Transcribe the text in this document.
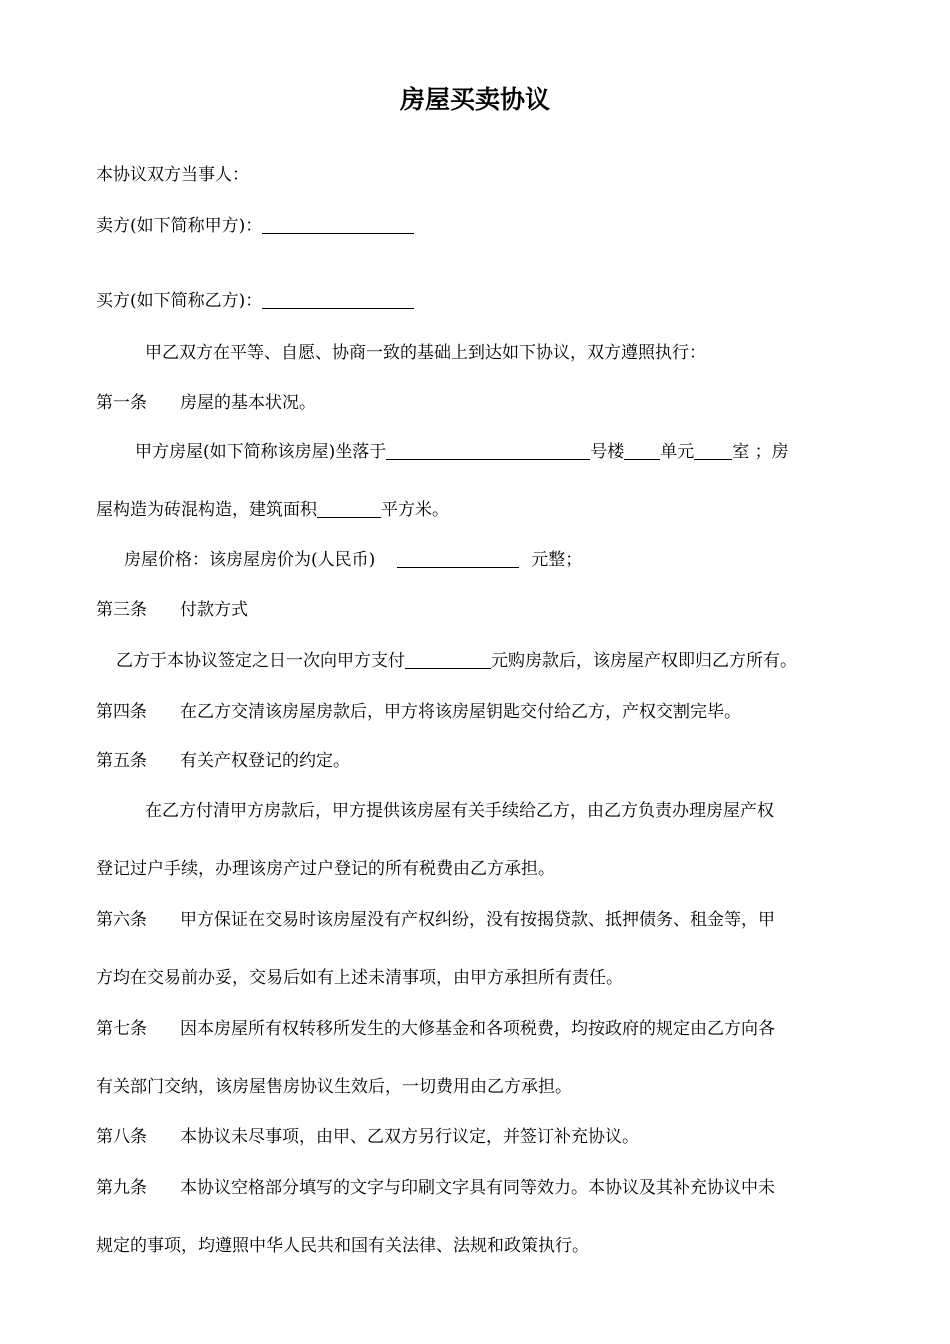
房屋买卖协议
本协议双方当事人：
卖方(如下简称甲方)：
买方(如下简称乙方)：
甲乙双方在平等、自愿、协商一致的基础上到达如下协议，双方遵照执行：
第一条 房屋的基本状况。
甲方房屋(如下简称该房屋)坐落于	号楼 单元 室 ；房
屋构造为砖混构造，建筑面积	平方米。
房屋价格：该房屋房价为(人民币)	元整；
第三条 付款方式
乙方于本协议签定之日一次向甲方支付	元购房款后，该房屋产权即归乙方所有。
第四条 在乙方交清该房屋房款后，甲方将该房屋钥匙交付给乙方，产权交割完毕。
第五条 有关产权登记的约定。
在乙方付清甲方房款后，甲方提供该房屋有关手续给乙方，由乙方负责办理房屋产权
登记过户手续，办理该房产过户登记的所有税费由乙方承担。
第六条 甲方保证在交易时该房屋没有产权纠纷，没有按揭贷款、抵押债务、租金等，甲
方均在交易前办妥，交易后如有上述未清事项，由甲方承担所有责任。
第七条 因本房屋所有权转移所发生的大修基金和各项税费，均按政府的规定由乙方向各
有关部门交纳，该房屋售房协议生效后，一切费用由乙方承担。
第八条 本协议未尽事项，由甲、乙双方另行议定，并签订补充协议。
第九条 本协议空格部分填写的文字与印刷文字具有同等效力。本协议及其补充协议中未
规定的事项，均遵照中华人民共和国有关法律、法规和政策执行。
